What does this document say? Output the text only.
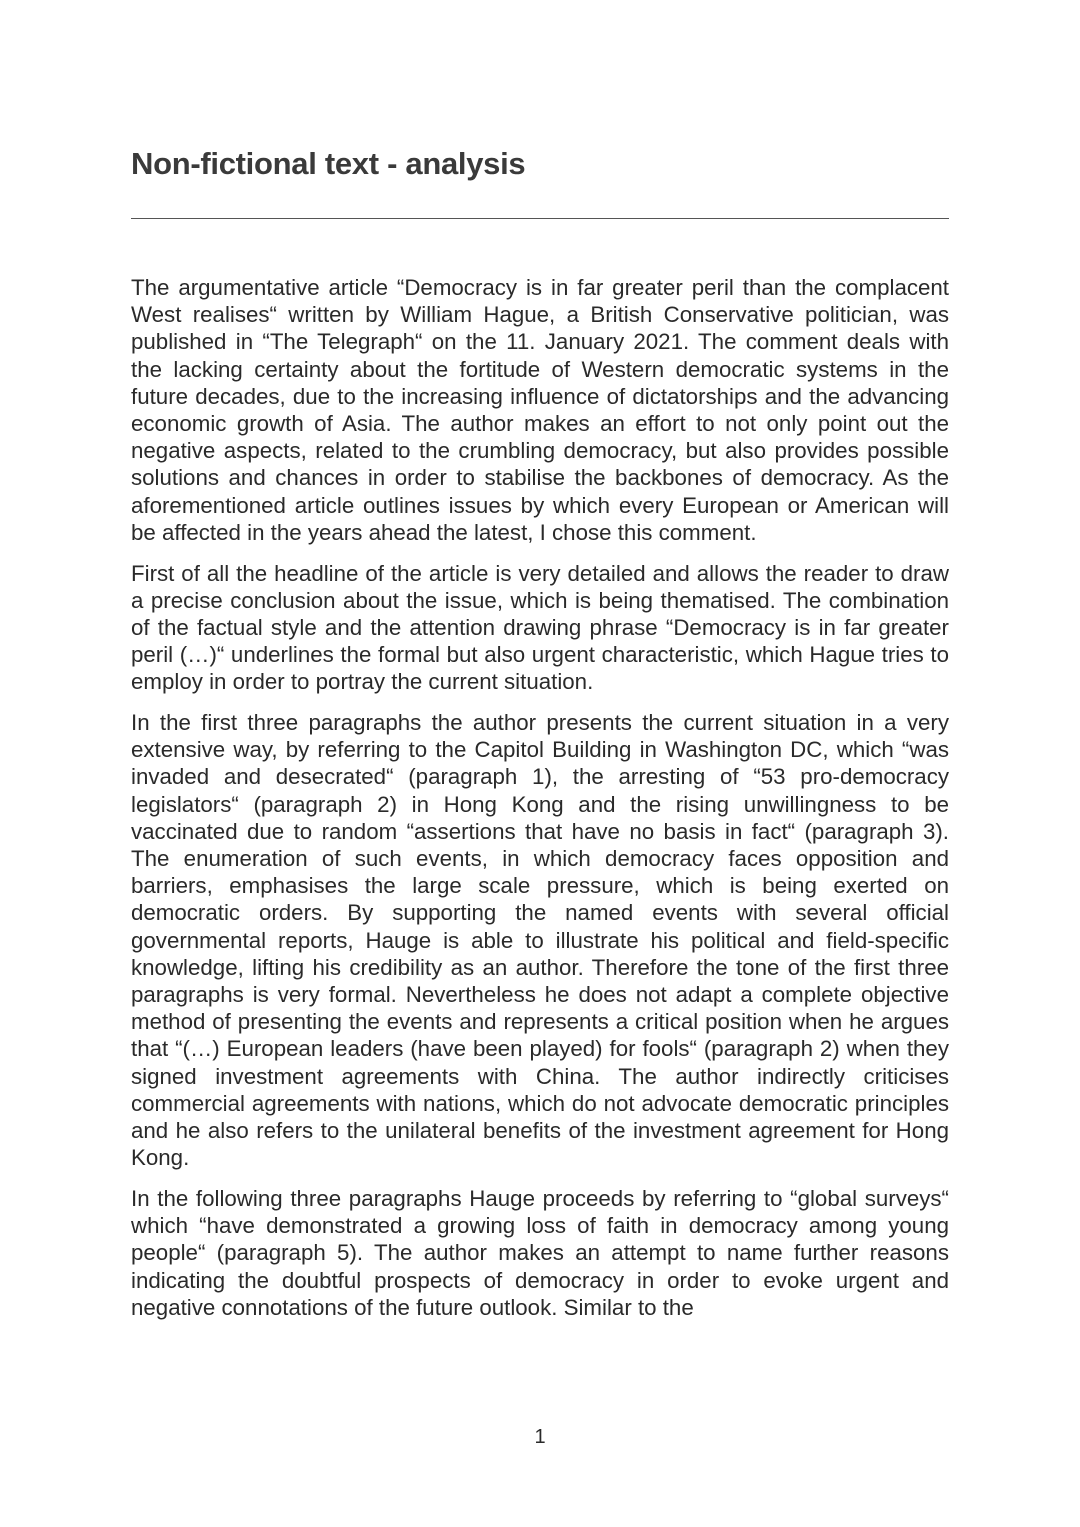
Non-fictional text - analysis

The argumentative article “Democracy is in far greater peril than the complacent West realises“ written by William Hague, a British Conservative politician, was published in “The Telegraph“ on the 11. January 2021. The comment deals with the lacking certainty about the fortitude of Western democratic systems in the future decades, due to the increasing influence of dictatorships and the advancing economic growth of Asia. The author makes an effort to not only point out the negative aspects, related to the crumbling democracy, but also provides possible solutions and chances in order to stabilise the backbones of democracy. As the aforementioned article outlines issues by which every European or American will be affected in the years ahead the latest, I chose this comment.

First of all the headline of the article is very detailed and allows the reader to draw a precise conclusion about the issue, which is being thematised. The combination of the factual style and the attention drawing phrase “Democracy is in far greater peril (…)“ underlines the formal but also urgent characteristic, which Hague tries to employ in order to portray the current situation.

In the first three paragraphs the author presents the current situation in a very extensive way, by referring to the Capitol Building in Washington DC, which “was invaded and desecrated“ (paragraph 1), the arresting of “53 pro-democracy legislators“ (paragraph 2) in Hong Kong and the rising unwillingness to be vaccinated due to random “assertions that have no basis in fact“ (paragraph 3). The enumeration of such events, in which democracy faces opposition and barriers, emphasises the large scale pressure, which is being exerted on democratic orders. By supporting the named events with several official governmental reports, Hauge is able to illustrate his political and field-specific knowledge, lifting his credibility as an author. Therefore the tone of the first three paragraphs is very formal. Nevertheless he does not adapt a complete objective method of presenting the events and represents a critical position when he argues that “(…) European leaders (have been played) for fools“ (paragraph 2) when they signed investment agreements with China. The author indirectly criticises commercial agreements with nations, which do not advocate democratic principles and he also refers to the unilateral benefits of the investment agreement for Hong Kong.

In the following three paragraphs Hauge proceeds by referring to “global surveys“ which “have demonstrated a growing loss of faith in democracy among young people“ (paragraph 5). The author makes an attempt to name further reasons indicating the doubtful prospects of democracy in order to evoke urgent and negative connotations of the future outlook. Similar to the

1
